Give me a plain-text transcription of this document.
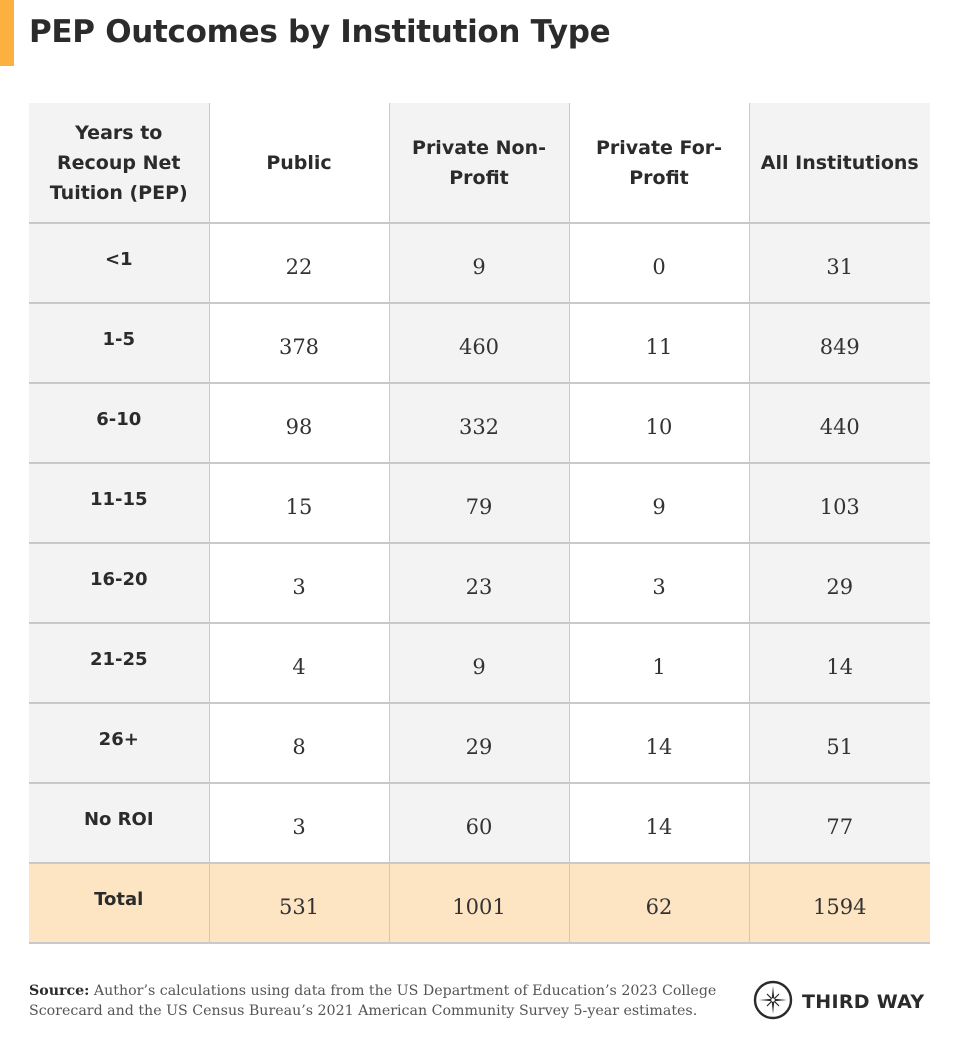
PEP Outcomes by Institution Type
Years to Recoup Net Tuition (PEP)	Public	Private Non-Profit	Private For-Profit	All Institutions
<1	22	9	0	31
1-5	378	460	11	849
6-10	98	332	10	440
11-15	15	79	9	103
16-20	3	23	3	29
21-25	4	9	1	14
26+	8	29	14	51
No ROI	3	60	14	77
Total	531	1001	62	1594

Source: Author’s calculations using data from the US Department of Education’s 2023 College Scorecard and the US Census Bureau’s 2021 American Community Survey 5-year estimates.	THIRD WAY
